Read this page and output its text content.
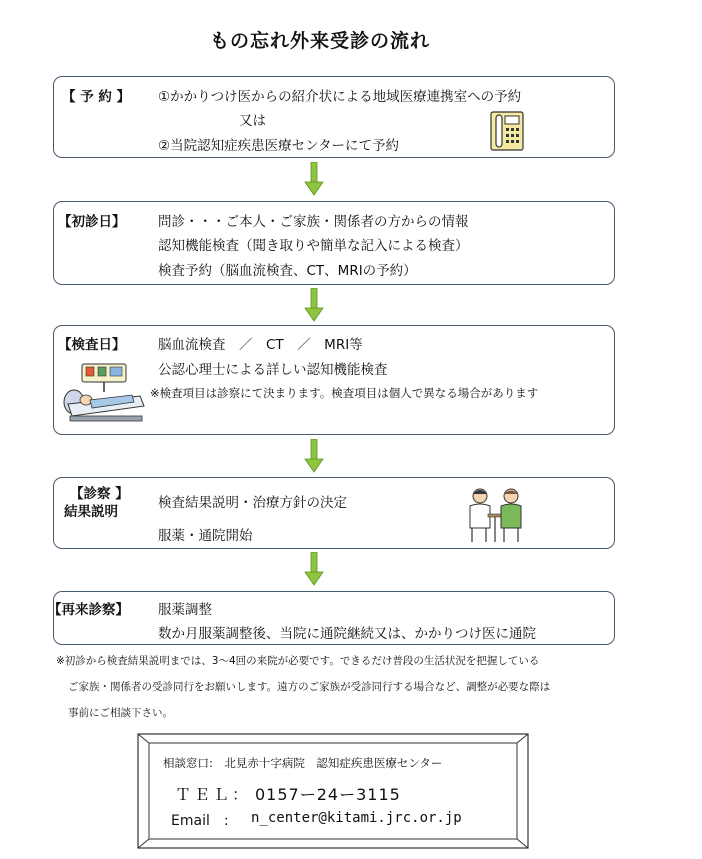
もの忘れ外来受診の流れ
【 予 約 】 ①かかりつけ医からの紹介状による地域医療連携室への予約
又は
②当院認知症疾患医療センターにて予約
【初診日】 問診・・・ご本人・ご家族・関係者の方からの情報
認知機能検査（聞き取りや簡単な記入による検査）
検査予約（脳血流検査、CT、MRIの予約）
【検査日】 脳血流検査　／　CT　／　MRI等
公認心理士による詳しい認知機能検査
※検査項目は診察にて決まります。検査項目は個人で異なる場合があります
【診察 】
結果説明
検査結果説明・治療方針の決定
服薬・通院開始
【再来診察】 服薬調整
数か月服薬調整後、当院に通院継続又は、かかりつけ医に通院
※初診から検査結果説明までは、3～4回の来院が必要です。できるだけ普段の生活状況を把握している
ご家族・関係者の受診同行をお願いします。遠方のご家族が受診同行する場合など、調整が必要な際は
事前にご相談下さい。
相談窓口:　北見赤十字病院　認知症疾患医療センター
ＴＥＬ： 0157ー24ー3115
Email　: n_center@kitami.jrc.or.jp
